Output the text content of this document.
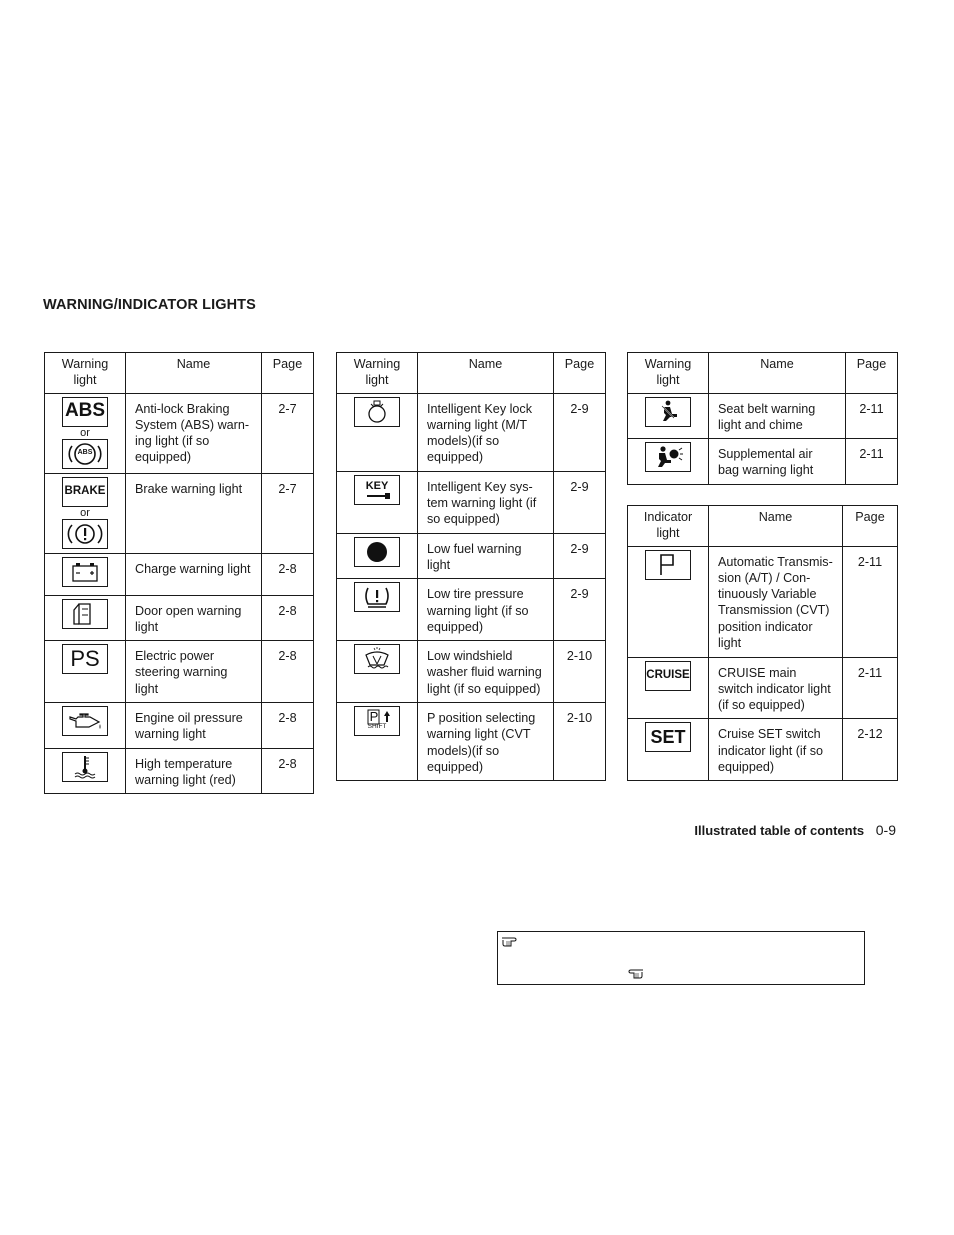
WARNING/INDICATOR LIGHTS
Warning light	Name	Page

ABS
or
ABS	Anti-lock Braking System (ABS) warn-ing light (if so equipped)	2-7

BRAKE
or	Brake warning light	2-7

	Charge warning light	2-8

	Door open warning light	2-8

PS	Electric power steering warning light	2-8

	Engine oil pressure warning light	2-8

	High temperature warning light (red)	2-8
Warning light	Name	Page

	Intelligent Key lock warning light (M/T models)(if so equipped)	2-9

KEY	Intelligent Key sys-tem warning light (if so equipped)	2-9

	Low fuel warning light	2-9

	Low tire pressure warning light (if so equipped)	2-9

	Low windshield washer fluid warning light (if so equipped)	2-10

P
SHIFT	P position selecting warning light (CVT models)(if so equipped)	2-10
Warning light	Name	Page

	Seat belt warning light and chime	2-11

	Supplemental air bag warning light	2-11
Indicator light	Name	Page

	Automatic Transmis-sion (A/T) / Con-tinuously Variable Transmission (CVT) position indicator light	2-11

CRUISE	CRUISE main switch indicator light (if so equipped)	2-11

SET	Cruise SET switch indicator light (if so equipped)	2-12
Illustrated table of contents 0-9
